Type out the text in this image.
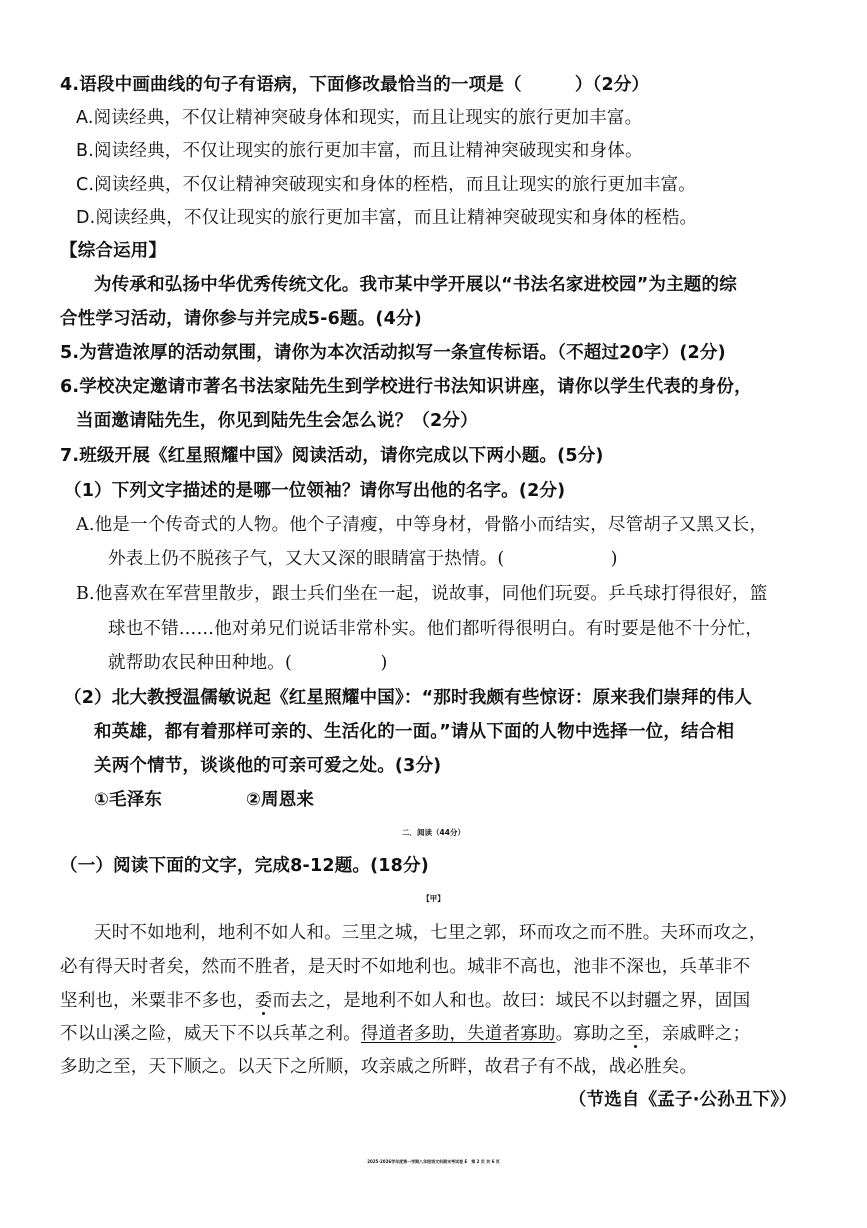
4.语段中画曲线的句子有语病，下面修改最恰当的一项是（　　　）（2分）
A.阅读经典，不仅让精神突破身体和现实，而且让现实的旅行更加丰富。
B.阅读经典，不仅让现实的旅行更加丰富，而且让精神突破现实和身体。
C.阅读经典，不仅让精神突破现实和身体的桎梏，而且让现实的旅行更加丰富。
D.阅读经典，不仅让现实的旅行更加丰富，而且让精神突破现实和身体的桎梏。
【综合运用】
为传承和弘扬中华优秀传统文化。我市某中学开展以“书法名家进校园”为主题的综
合性学习活动，请你参与并完成5-6题。(4分)
5.为营造浓厚的活动氛围，请你为本次活动拟写一条宣传标语。（不超过20字）(2分)
6.学校决定邀请市著名书法家陆先生到学校进行书法知识讲座，请你以学生代表的身份，
当面邀请陆先生，你见到陆先生会怎么说？（2分）
7.班级开展《红星照耀中国》阅读活动，请你完成以下两小题。(5分)
（1）下列文字描述的是哪一位领袖？请你写出他的名字。(2分)
A.他是一个传奇式的人物。他个子清瘦，中等身材，骨骼小而结实，尽管胡子又黑又长，
外表上仍不脱孩子气，又大又深的眼睛富于热情。(　　　　　　)
B.他喜欢在军营里散步，跟士兵们坐在一起，说故事，同他们玩耍。乒乓球打得很好，篮
球也不错……他对弟兄们说话非常朴实。他们都听得很明白。有时要是他不十分忙，
就帮助农民种田种地。(　　　　　)
（2）北大教授温儒敏说起《红星照耀中国》：“那时我颇有些惊讶：原来我们崇拜的伟人
和英雄，都有着那样可亲的、生活化的一面。”请从下面的人物中选择一位，结合相
关两个情节，谈谈他的可亲可爱之处。(3分)
①毛泽东	②周恩来
二．阅读（44分）
（一）阅读下面的文字，完成8-12题。(18分)
【甲】
天时不如地利，地利不如人和。三里之城，七里之郭，环而攻之而不胜。夫环而攻之，
必有得天时者矣，然而不胜者，是天时不如地利也。城非不高也，池非不深也，兵革非不
坚利也，米粟非不多也，委而去之，是地利不如人和也。故曰：域民不以封疆之界，固国
不以山溪之险，威天下不以兵革之利。得道者多助，失道者寡助。寡助之至，亲戚畔之；
多助之至，天下顺之。以天下之所顺，攻亲戚之所畔，故君子有不战，战必胜矣。
（节选自《孟子·公孙丑下》）
2025-2026学年度第一学期八年级语文科期末考试卷 E　第 2 页 共 6 页
